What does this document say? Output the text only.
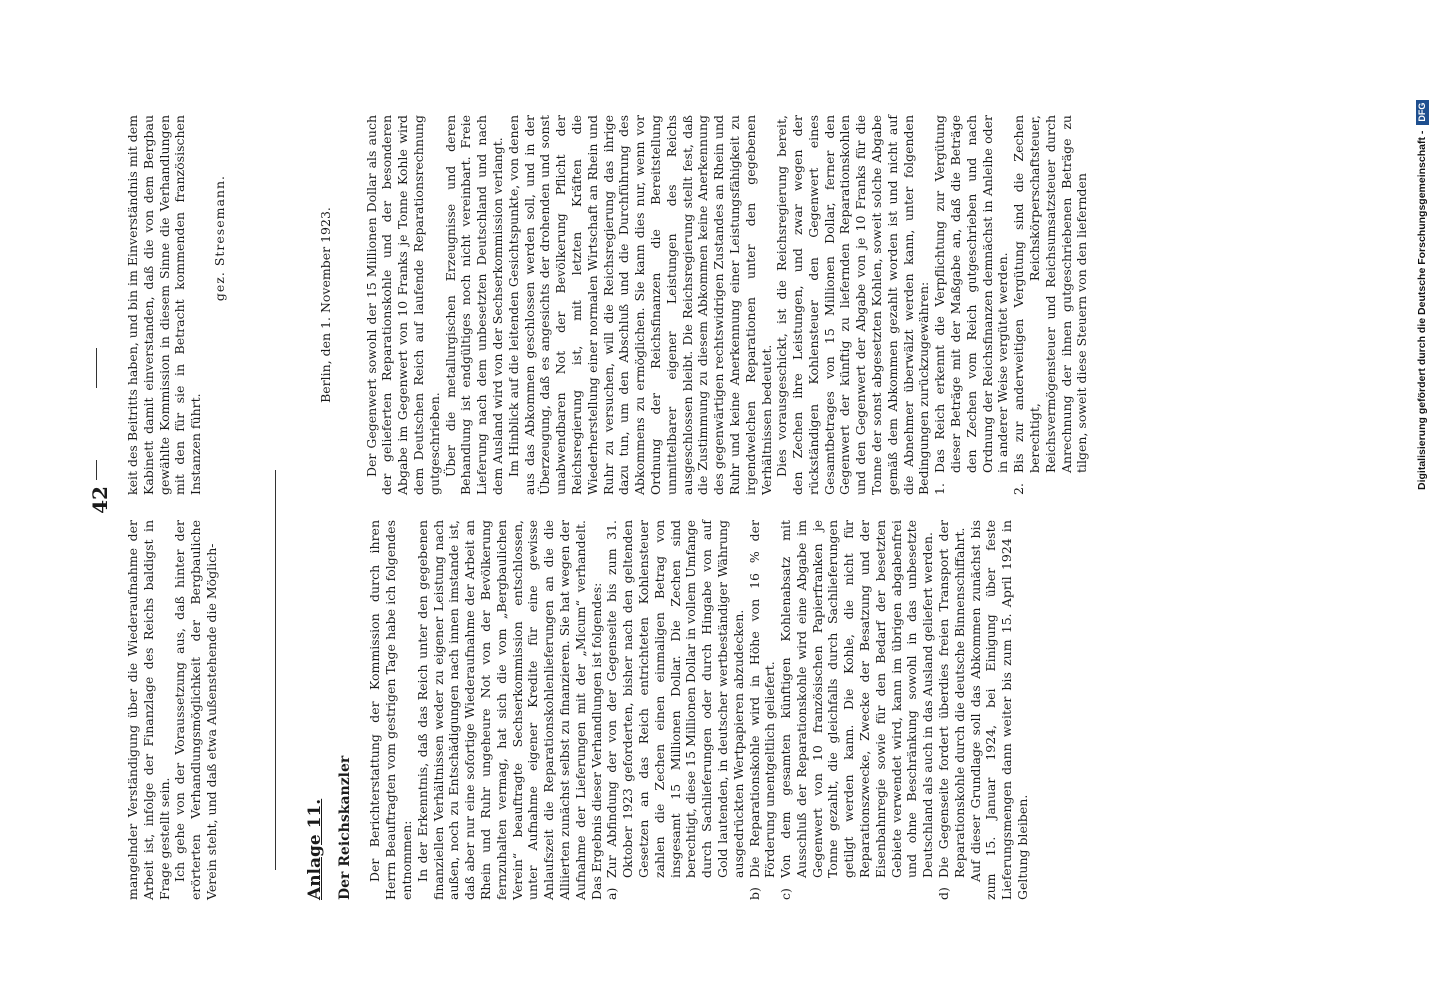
42

mangelnder Verständigung über die Wiederaufnahme der Arbeit ist, infolge der Finanzlage des Reichs baldigst in Frage gestellt sein. Ich gehe von der Voraussetzung aus, daß hinter der erörterten Verhandlungsmöglichkeit der Bergbauliche Verein steht, und daß etwa Außenstehende die Möglich-	Anlage 11. Der Reichskanzler Der Berichterstattung der Kommission durch ihren Herrn Beauftragten vom gestrigen Tage habe ich folgendes entnommen: In der Erkenntnis, daß das Reich unter den gegebenen finanziellen Verhältnissen weder zu eigener Leistung nach außen, noch zu Entschädigungen nach innen imstande ist, daß aber nur eine sofortige Wiederaufnahme der Arbeit an Rhein und Ruhr ungeheure Not von der Bevölkerung fernzuhalten vermag, hat sich die vom „Bergbaulichen Verein“ beauftragte Sechserkommission entschlossen, unter Aufnahme eigener Kredite für eine gewisse Anlaufszeit die Reparationskohlenlieferungen an die die Alliierten zunächst selbst zu finanzieren. Sie hat wegen der Aufnahme der Lieferungen mit der „Micum“ verhandelt. Das Ergebnis dieser Verhandlungen ist folgendes: a)
Zur Abfindung der von der Gegenseite bis zum 31. Oktober 1923 geforderten, bisher nach den geltenden Gesetzen an das Reich entrichteten Kohlensteuer zahlen die Zechen einen einmaligen Betrag von insgesamt 15 Millionen Dollar. Die Zechen sind berechtigt, diese 15 Millionen Dollar in vollem Umfange durch Sachlieferungen oder durch Hingabe von auf Gold lautenden, in deutscher wertbeständiger Währung ausgedrückten Wertpapieren abzudecken.
b)
Die Reparationskohle wird in Höhe von 16 % der Förderung unentgeltlich geliefert.
c)
Von dem gesamten künftigen Kohlenabsatz mit Ausschluß der Reparationskohle wird eine Abgabe im Gegenwert von 10 französischen Papierfranken je Tonne gezahlt, die gleichfalls durch Sachlieferungen getilgt werden kann. Die Kohle, die nicht für Reparationszwecke, Zwecke der Besatzung und der Eisenbahnregie sowie für den Bedarf der besetzten Gebiete verwendet wird, kann im übrigen abgabenfrei und ohne Beschränkung sowohl in das unbesetzte Deutschland als auch in das Ausland geliefert werden.
d)
Die Gegenseite fordert überdies freien Transport der Reparationskohle durch die deutsche Binnenschiffahrt. Auf dieser Grundlage soll das Abkommen zunächst bis zum 15. Januar 1924, bei Einigung über feste Lieferungsmengen dann weiter bis zum 15. April 1924 in Geltung bleiben.

keit des Beitritts haben, und bin im Einverständnis mit dem Kabinett damit einverstanden, daß die von dem Bergbau gewählte Kommission in diesem Sinne die Verhandlungen mit den für sie in Betracht kommenden französischen Instanzen führt.

gez. Stresemann.	Berlin, den 1. November 1923. Der Gegenwert sowohl der 15 Millionen Dollar als auch der gelieferten Reparationskohle und der besonderen Abgabe im Gegenwert von 10 Franks je Tonne Kohle wird dem Deutschen Reich auf laufende Reparationsrechnung gutgeschrieben. Über die metallurgischen Erzeugnisse und deren Behandlung ist endgültiges noch nicht vereinbart. Freie Lieferung nach dem unbesetzten Deutschland und nach dem Ausland wird von der Sechserkommission verlangt. Im Hinblick auf die leitenden Gesichtspunkte, von denen aus das Abkommen geschlossen werden soll, und in der Überzeugung, daß es angesichts der drohenden und sonst unabwendbaren Not der Bevölkerung Pflicht der Reichsregierung ist, mit letzten Kräften die Wiederherstellung einer normalen Wirtschaft an Rhein und Ruhr zu versuchen, will die Reichsregierung das ihrige dazu tun, um den Abschluß und die Durchführung des Abkommens zu ermöglichen. Sie kann dies nur, wenn vor Ordnung der Reichsfinanzen die Bereitstellung unmittelbarer eigener Leistungen des Reichs ausgeschlossen bleibt. Die Reichsregierung stellt fest, daß die Zustimmung zu diesem Abkommen keine Anerkennung des gegenwärtigen rechtswidrigen Zustandes an Rhein und Ruhr und keine Anerkennung einer Leistungsfähigkeit zu irgendwelchen Reparationen unter den gegebenen Verhältnissen bedeutet. Dies vorausgeschickt, ist die Reichsregierung bereit, den Zechen ihre Leistungen, und zwar wegen der rückständigen Kohlensteuer den Gegenwert eines Gesamtbetrages von 15 Millionen Dollar, ferner den Gegenwert der künftig zu liefernden Reparationskohlen und den Gegenwert der Abgabe von je 10 Franks für die Tonne der sonst abgesetzten Kohlen, soweit solche Abgabe gemäß dem Abkommen gezahlt worden ist und nicht auf die Abnehmer überwälzt werden kann, unter folgenden Bedingungen zurückzugewähren: 1.
Das Reich erkennt die Verpflichtung zur Vergütung dieser Beträge mit der Maßgabe an, daß die Beträge den Zechen vom Reich gutgeschrieben und nach Ordnung der Reichsfinanzen demnächst in Anleihe oder in anderer Weise vergütet werden.
2.
Bis zur anderweitigen Vergütung sind die Zechen berechtigt, Reichskörperschaftsteuer, Reichsvermögensteuer und Reichsumsatzsteuer durch Anrechnung der ihnen gutgeschriebenen Beträge zu tilgen, soweit diese Steuern von den liefernden	Digitalisierung gefördert durch die Deutsche Forschungsgemeinschaft -DFG
